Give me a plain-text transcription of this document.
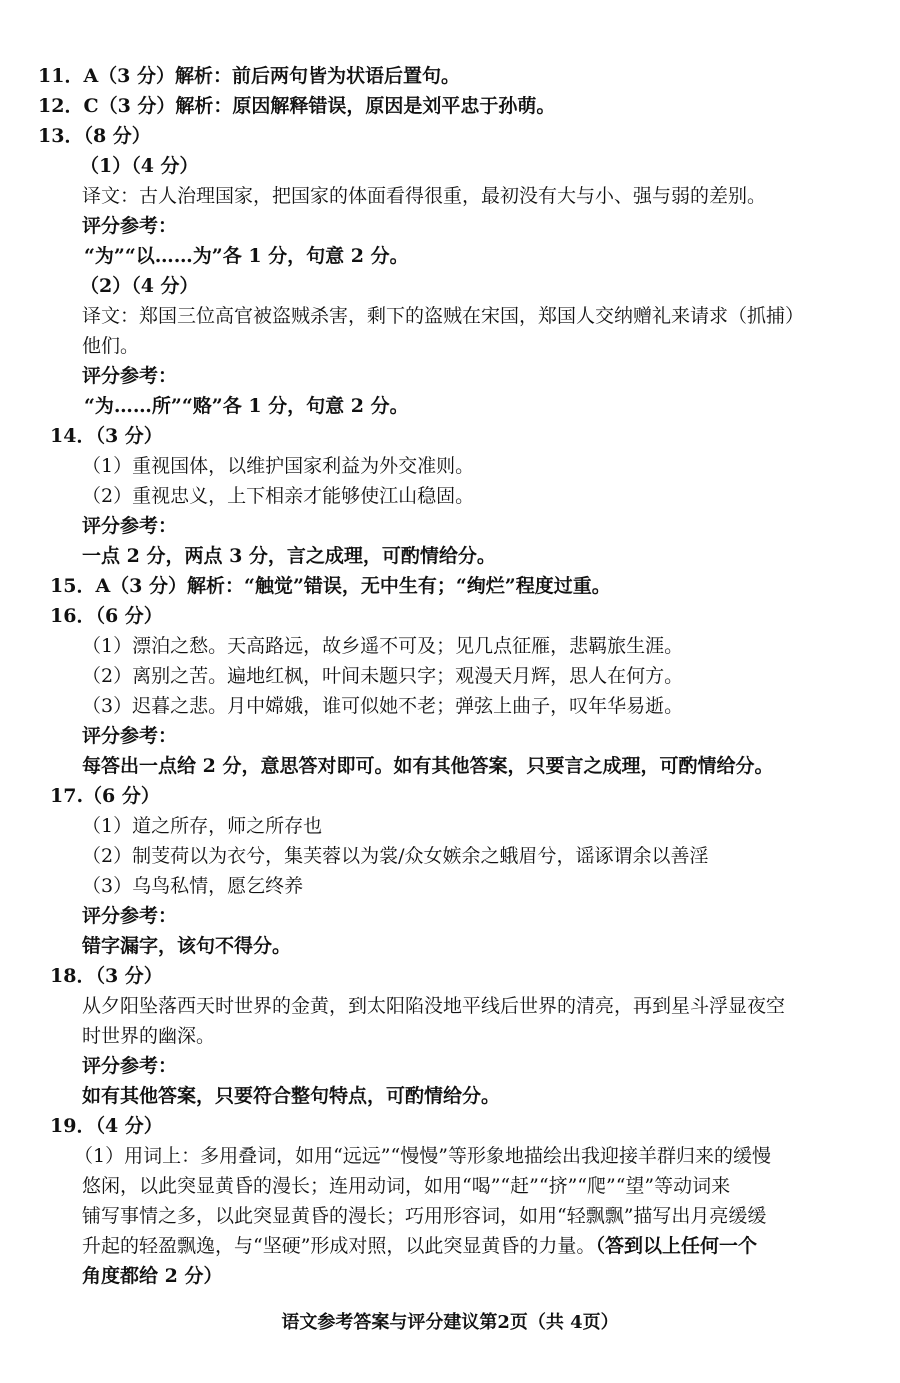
11．A（3 分）解析：前后两句皆为状语后置句。
12．C（3 分）解析：原因解释错误，原因是刘平忠于孙萌。
13．（8 分）
（1）（4 分）
译文：古人治理国家，把国家的体面看得很重，最初没有大与小、强与弱的差别。
评分参考：
“为”“以……为”各 1 分，句意 2 分。
（2）（4 分）
译文：郑国三位高官被盗贼杀害，剩下的盗贼在宋国，郑国人交纳赠礼来请求（抓捕）
他们。
评分参考：
“为……所”“赂”各 1 分，句意 2 分。
14．（3 分）
（1）重视国体，以维护国家利益为外交准则。
（2）重视忠义，上下相亲才能够使江山稳固。
评分参考：
一点 2 分，两点 3 分，言之成理，可酌情给分。
15．A（3 分）解析：“触觉”错误，无中生有；“绚烂”程度过重。
16．（6 分）
（1）漂泊之愁。天高路远，故乡遥不可及；见几点征雁，悲羁旅生涯。
（2）离别之苦。遍地红枫，叶间未题只字；观漫天月辉，思人在何方。
（3）迟暮之悲。月中嫦娥，谁可似她不老；弹弦上曲子，叹年华易逝。
评分参考：
每答出一点给 2 分，意思答对即可。如有其他答案，只要言之成理，可酌情给分。
17.（6 分）
（1）道之所存，师之所存也
（2）制芰荷以为衣兮，集芙蓉以为裳/众女嫉余之蛾眉兮，谣诼谓余以善淫
（3）乌鸟私情，愿乞终养
评分参考：
错字漏字，该句不得分。
18．（3 分）
从夕阳坠落西天时世界的金黄，到太阳陷没地平线后世界的清亮，再到星斗浮显夜空
时世界的幽深。
评分参考：
如有其他答案，只要符合整句特点，可酌情给分。
19．（4 分）
（1）用词上：多用叠词，如用“远远”“慢慢”等形象地描绘出我迎接羊群归来的缓慢
悠闲，以此突显黄昏的漫长；连用动词，如用“喝”“赶”“挤”“爬”“望”等动词来
铺写事情之多，以此突显黄昏的漫长；巧用形容词，如用“轻飘飘”描写出月亮缓缓
升起的轻盈飘逸，与“坚硬”形成对照，以此突显黄昏的力量。（答到以上任何一个
角度都给 2 分）
语文参考答案与评分建议第2页（共 4页）
